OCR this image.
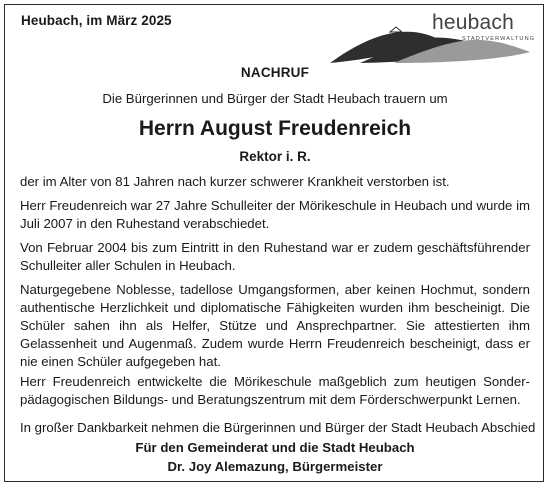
Heubach, im März 2025	heubach
STADTVERWALTUNG
NACHRUF
Die Bürgerinnen und Bürger der Stadt Heubach trauern um
Herrn August Freudenreich
Rektor i. R.

der im Alter von 81 Jahren nach kurzer schwerer Krankheit verstorben ist.

Herr Freudenreich war 27 Jahre Schulleiter der Mörikeschule in Heubach und wurde im Juli 2007 in den Ruhestand verabschiedet.

Von Februar 2004 bis zum Eintritt in den Ruhestand war er zudem geschäftsführender Schulleiter aller Schulen in Heubach.

Naturgegebene Noblesse, tadellose Umgangsformen, aber keinen Hochmut, sondern authentische Herzlichkeit und diplomatische Fähigkeiten wurden ihm bescheinigt. Die Schüler sahen ihn als Helfer, Stütze und Ansprechpartner. Sie attestierten ihm Gelassenheit und Augenmaß. Zudem wurde Herrn Freudenreich bescheinigt, dass er nie einen Schüler aufgegeben hat.

Herr Freudenreich entwickelte die Mörikeschule maßgeblich zum heutigen Sonder-pädagogischen Bildungs- und Beratungszentrum mit dem Förderschwerpunkt Lernen.

In großer Dankbarkeit nehmen die Bürgerinnen und Bürger der Stadt Heubach Abschied
Für den Gemeinderat und die Stadt Heubach
Dr. Joy Alemazung, Bürgermeister
